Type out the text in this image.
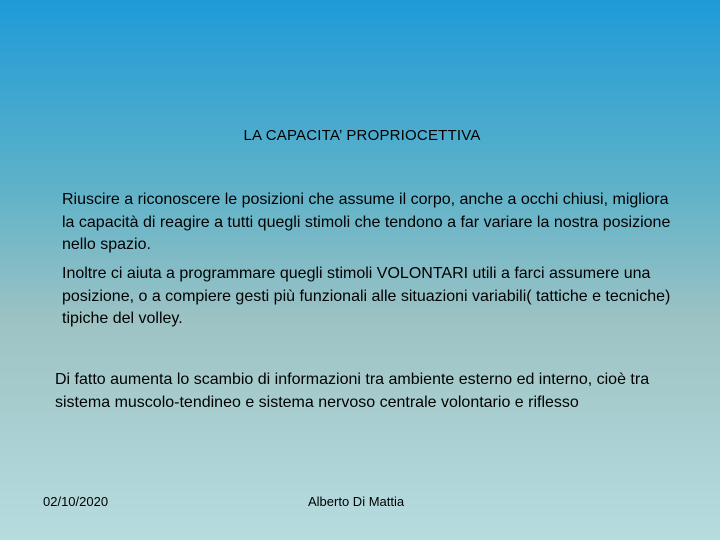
LA CAPACITA’ PROPRIOCETTIVA

Riuscire a riconoscere le posizioni che assume il corpo, anche a occhi chiusi, migliora la capacità di reagire a tutti quegli stimoli che tendono a far variare la nostra posizione nello spazio.

Inoltre ci aiuta a programmare quegli stimoli VOLONTARI utili a farci assumere una posizione, o a compiere gesti più funzionali alle situazioni variabili( tattiche e tecniche) tipiche del volley.

Di fatto aumenta lo scambio di informazioni tra ambiente esterno ed interno, cioè tra sistema muscolo-tendineo e sistema nervoso centrale volontario e riflesso

02/10/2020	Alberto Di Mattia
